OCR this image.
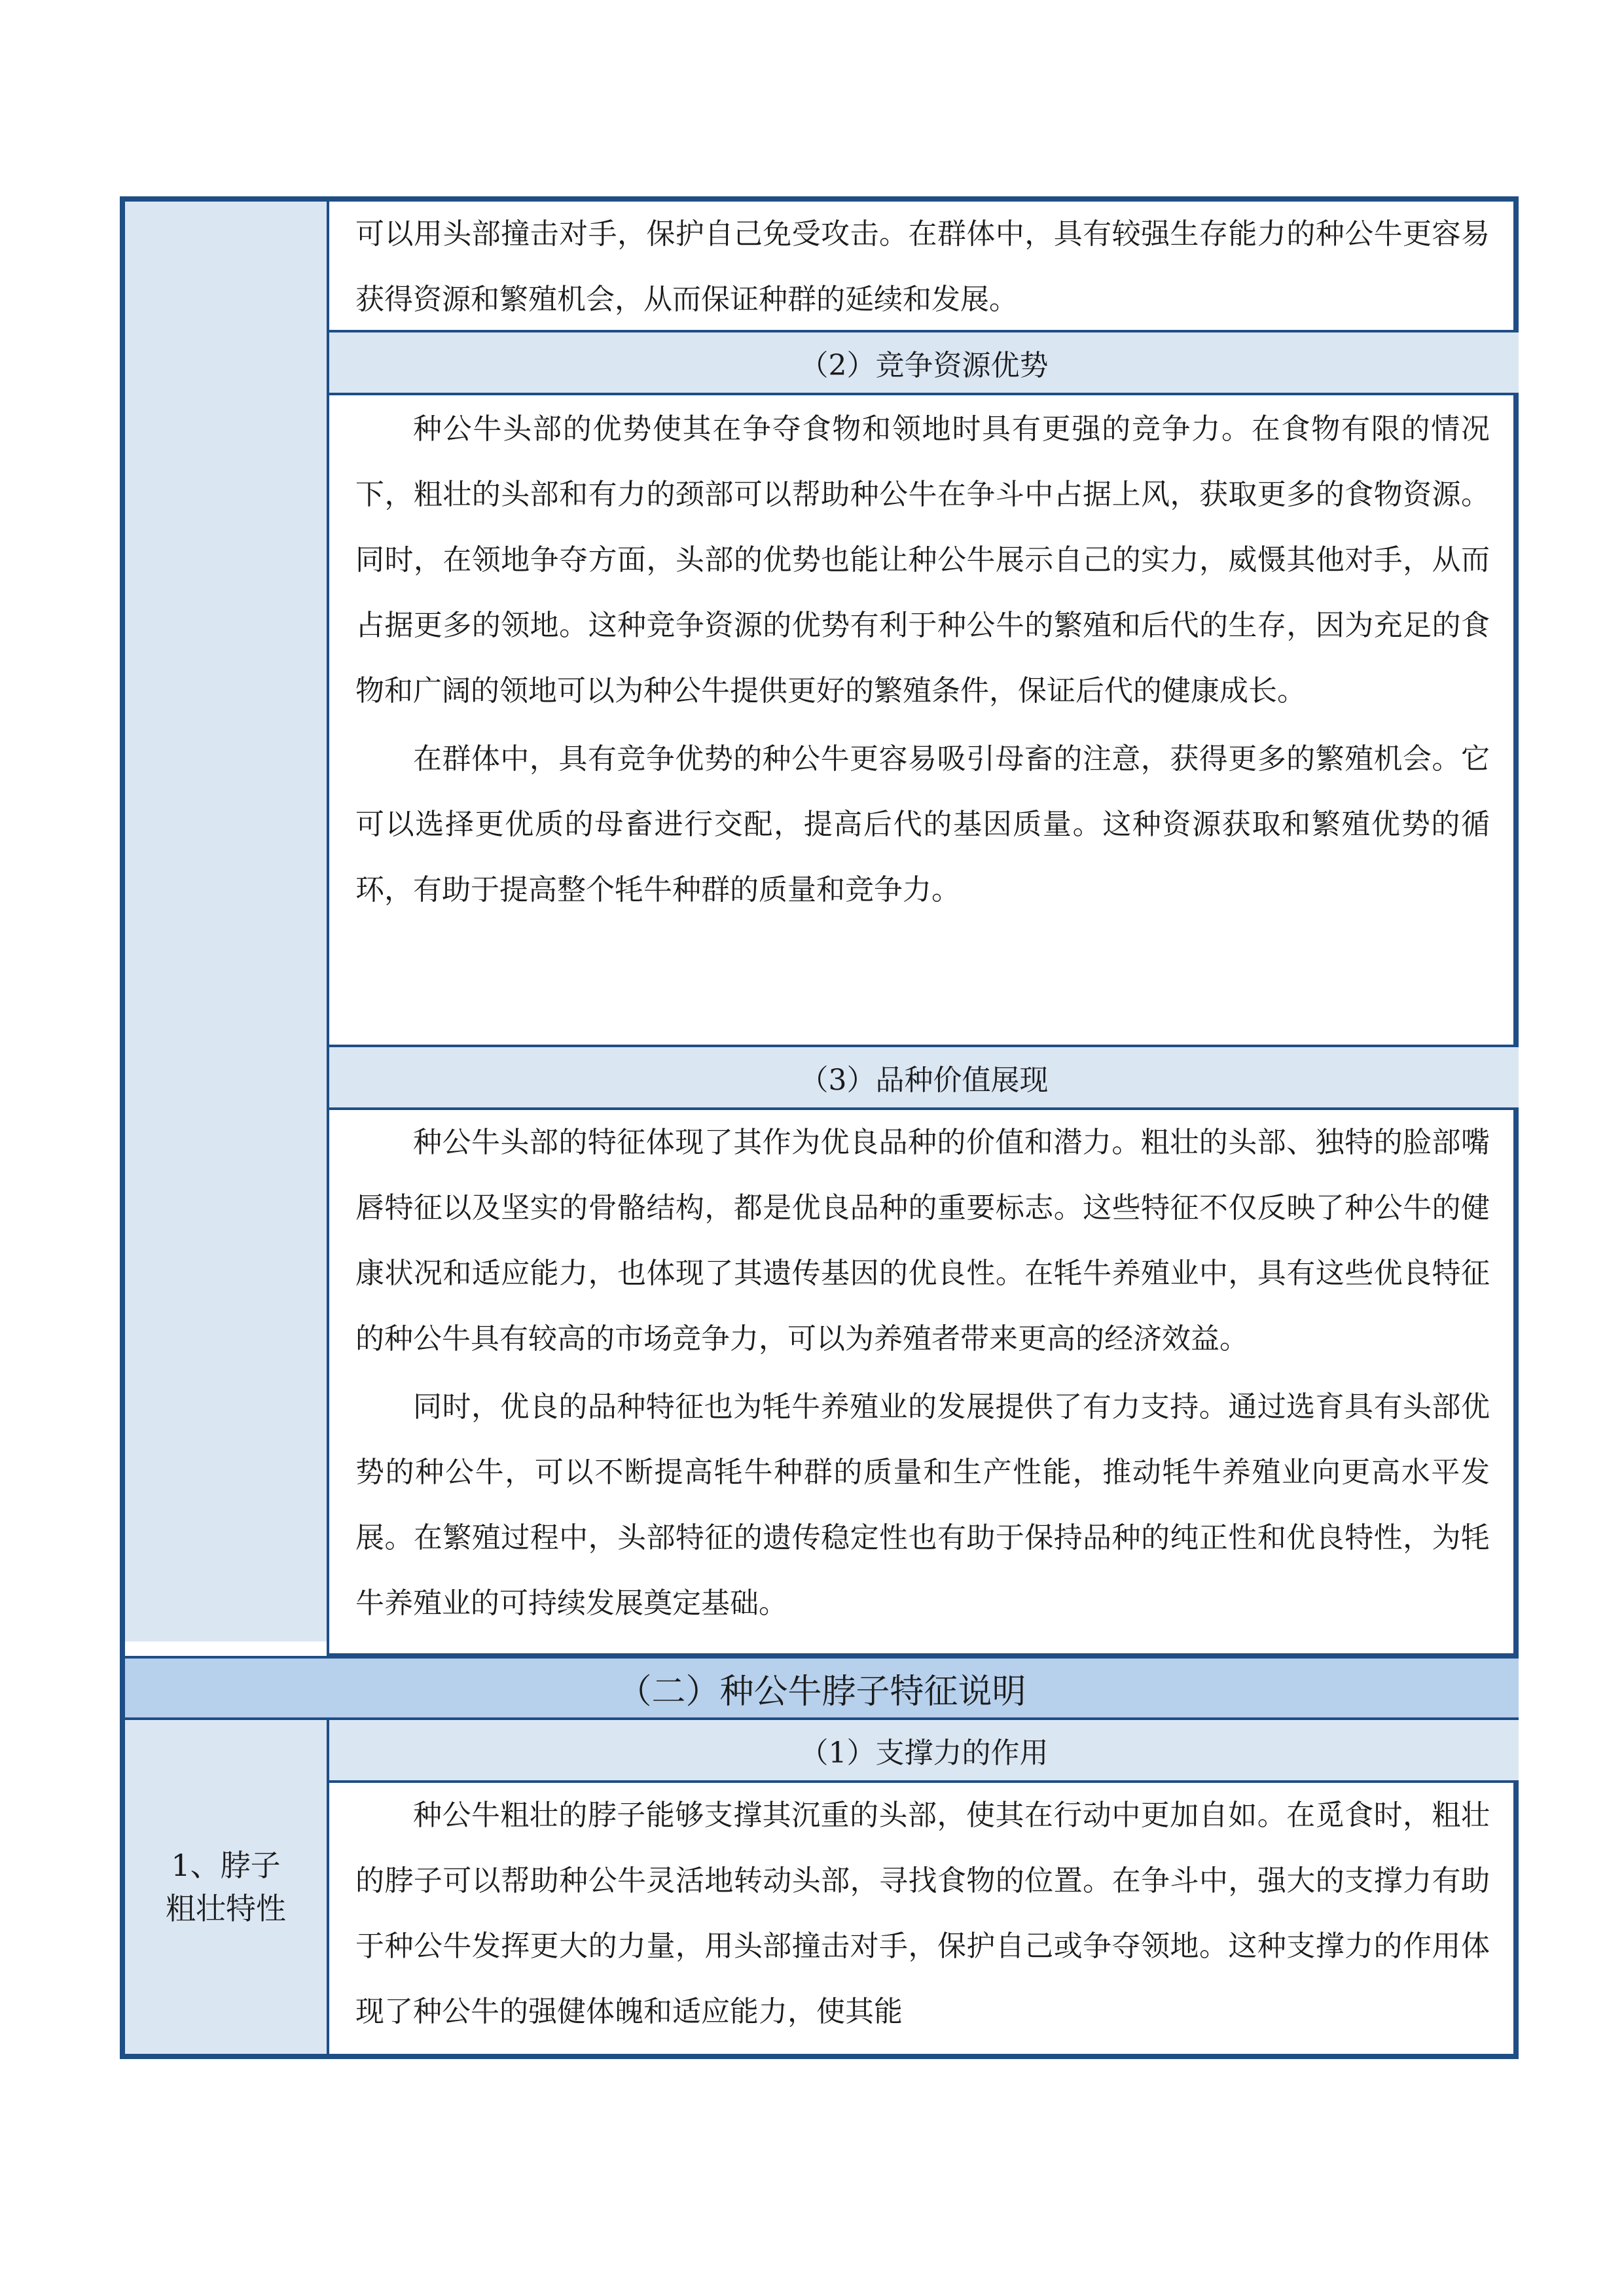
1、脖子粗壮特性

可以用头部撞击对手，保护自己免受攻击。在群体中，具有较强生存能力的种公牛更容易获得资源和繁殖机会，从而保证种群的延续和发展。

（2）竞争资源优势

种公牛头部的优势使其在争夺食物和领地时具有更强的竞争力。在食物有限的情况下，粗壮的头部和有力的颈部可以帮助种公牛在争斗中占据上风，获取更多的食物资源。同时，在领地争夺方面，头部的优势也能让种公牛展示自己的实力，威慑其他对手，从而占据更多的领地。这种竞争资源的优势有利于种公牛的繁殖和后代的生存，因为充足的食物和广阔的领地可以为种公牛提供更好的繁殖条件，保证后代的健康成长。

在群体中，具有竞争优势的种公牛更容易吸引母畜的注意，获得更多的繁殖机会。它可以选择更优质的母畜进行交配，提高后代的基因质量。这种资源获取和繁殖优势的循环，有助于提高整个牦牛种群的质量和竞争力。

（3）品种价值展现

种公牛头部的特征体现了其作为优良品种的价值和潜力。粗壮的头部、独特的脸部嘴唇特征以及坚实的骨骼结构，都是优良品种的重要标志。这些特征不仅反映了种公牛的健康状况和适应能力，也体现了其遗传基因的优良性。在牦牛养殖业中，具有这些优良特征的种公牛具有较高的市场竞争力，可以为养殖者带来更高的经济效益。

同时，优良的品种特征也为牦牛养殖业的发展提供了有力支持。通过选育具有头部优势的种公牛，可以不断提高牦牛种群的质量和生产性能，推动牦牛养殖业向更高水平发展。在繁殖过程中，头部特征的遗传稳定性也有助于保持品种的纯正性和优良特性，为牦牛养殖业的可持续发展奠定基础。

（二）种公牛脖子特征说明
（1）支撑力的作用

种公牛粗壮的脖子能够支撑其沉重的头部，使其在行动中更加自如。在觅食时，粗壮的脖子可以帮助种公牛灵活地转动头部，寻找食物的位置。在争斗中，强大的支撑力有助于种公牛发挥更大的力量，用头部撞击对手，保护自己或争夺领地。这种支撑力的作用体现了种公牛的强健体魄和适应能力，使其能
